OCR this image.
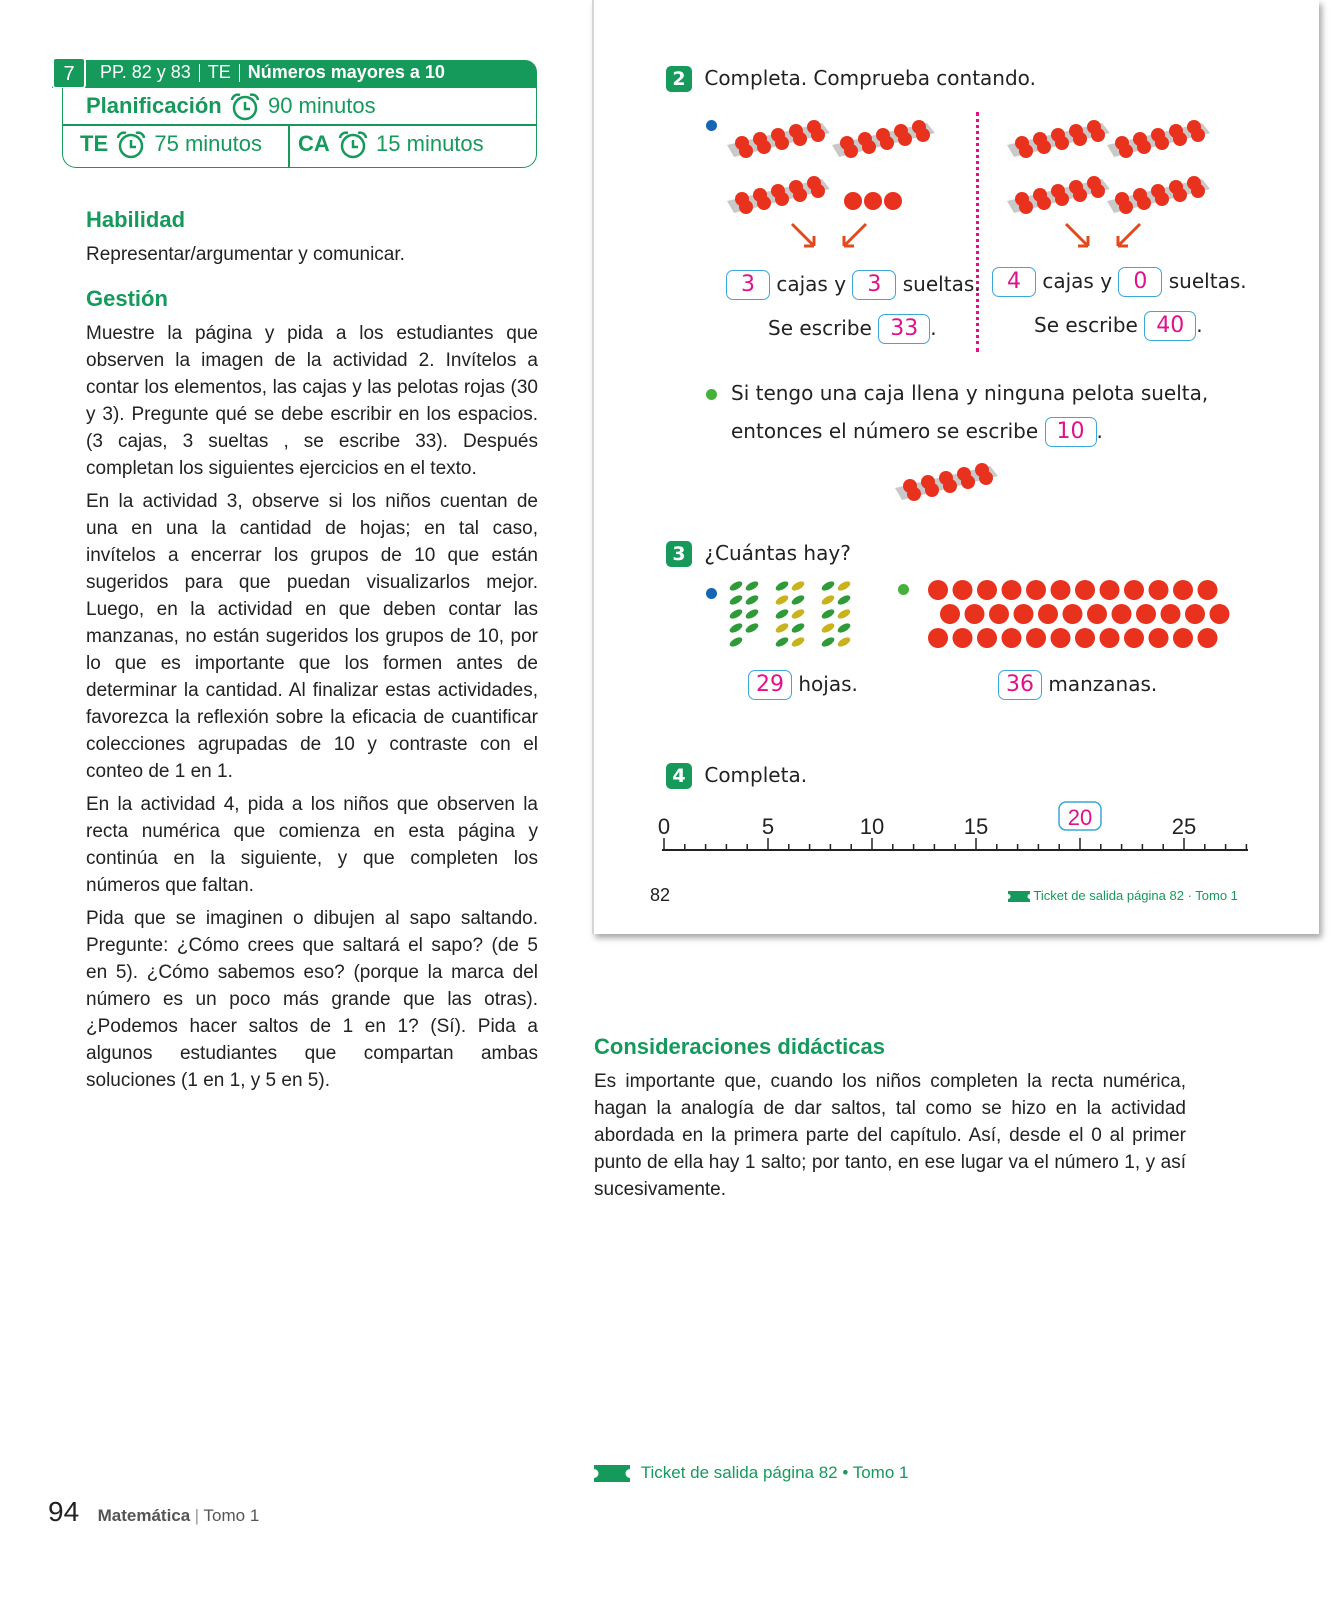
7	PP. 82 y 83 TE Números mayores a 10
Planificación 90 minutos
TE 75 minutos CA 15 minutos
Habilidad
Representar/argumentar y comunicar.
Gestión

Muestre la página y pida a los estudiantes que observen la imagen de la actividad 2. Invítelos a contar los elementos, las cajas y las pelotas rojas (30 y 3). Pregunte qué se debe escribir en los espacios. (3 cajas, 3 sueltas , se escribe 33). Después completan los siguientes ejercicios en el texto.

En la actividad 3, observe si los niños cuentan de una en una la cantidad de hojas; en tal caso, invítelos a encerrar los grupos de 10 que están sugeridos para que puedan visualizarlos mejor. Luego, en la actividad en que deben contar las manzanas, no están sugeridos los grupos de 10, por lo que es importante que los formen antes de determinar la cantidad. Al finalizar estas actividades, favorezca la reflexión sobre la eficacia de cuantificar colecciones agrupadas de 10 y contraste con el conteo de 1 en 1.

En la actividad 4, pida a los niños que observen la recta numérica que comienza en esta página y continúa en la siguiente, y que completen los números que faltan.

Pida que se imaginen o dibujen al sapo saltando. Pregunte: ¿Cómo crees que saltará el sapo? (de 5 en 5). ¿Cómo sabemos eso? (porque la marca del número es un poco más grande que las otras). ¿Podemos hacer saltos de 1 en 1? (Sí). Pida a algunos estudiantes que compartan ambas soluciones (1 en 1, y 5 en 5).

2 Completa. Comprueba contando.
3 cajas y 3 sueltas.
Se escribe 33 .
4 cajas y 0 sueltas.
Se escribe 40 .
Si tengo una caja llena y ninguna pelota suelta,
entonces el número se escribe 10 .
3 ¿Cuántas hay?
29 hojas.	36 manzanas.
4 Completa.
0	5	10	15	20	25
82	Ticket de salida página 82 · Tomo 1
Consideraciones didácticas
Es importante que, cuando los niños completen la recta numérica, hagan la analogía de dar saltos, tal como se hizo en la actividad abordada en la primera parte del capítulo. Así, desde el 0 al primer punto de ella hay 1 salto; por tanto, en ese lugar va el número 1, y así sucesivamente.
Ticket de salida página 82 • Tomo 1
94 Matemática | Tomo 1
